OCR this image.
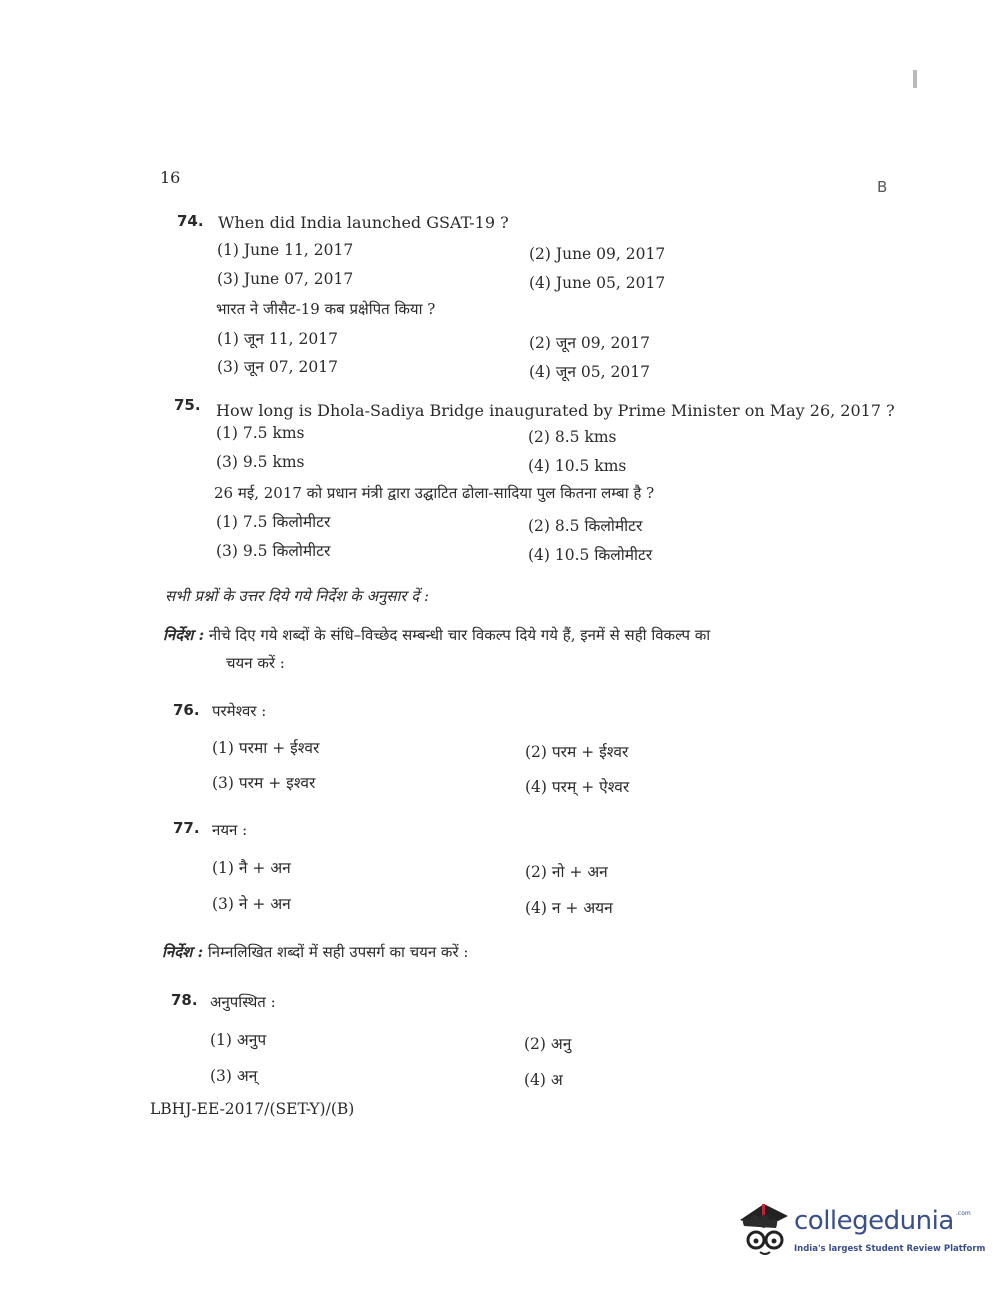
16	B
74. When did India launched GSAT-19 ?
(1) June 11, 2017	(2) June 09, 2017
(3) June 07, 2017	(4) June 05, 2017
भारत ने जीसैट-19 कब प्रक्षेपित किया ?
(1) जून 11, 2017	(2) जून 09, 2017
(3) जून 07, 2017	(4) जून 05, 2017
75. How long is Dhola-Sadiya Bridge inaugurated by Prime Minister on May 26, 2017 ?
(1) 7.5 kms	(2) 8.5 kms
(3) 9.5 kms	(4) 10.5 kms
26 मई, 2017 को प्रधान मंत्री द्वारा उद्घाटित ढोला-सादिया पुल कितना लम्बा है ?
(1) 7.5 किलोमीटर	(2) 8.5 किलोमीटर
(3) 9.5 किलोमीटर	(4) 10.5 किलोमीटर
सभी प्रश्नों के उत्तर दिये गये निर्देश के अनुसार दें :
निर्देश : नीचे दिए गये शब्दों के संधि–विच्छेद सम्बन्धी चार विकल्प दिये गये हैं, इनमें से सही विकल्प का
चयन करें :
76. परमेश्वर :
(1) परमा + ईश्वर	(2) परम + ईश्वर
(3) परम + इश्वर	(4) परम् + ऐश्वर
77. नयन :
(1) नै + अन	(2) नो + अन
(3) ने + अन	(4) न + अयन
निर्देश : निम्नलिखित शब्दों में सही उपसर्ग का चयन करें :
78. अनुपस्थित :
(1) अनुप	(2) अनु
(3) अन्	(4) अ
LBHJ-EE-2017/(SET-Y)/(B)
collegedunia .com
India's largest Student Review Platform
